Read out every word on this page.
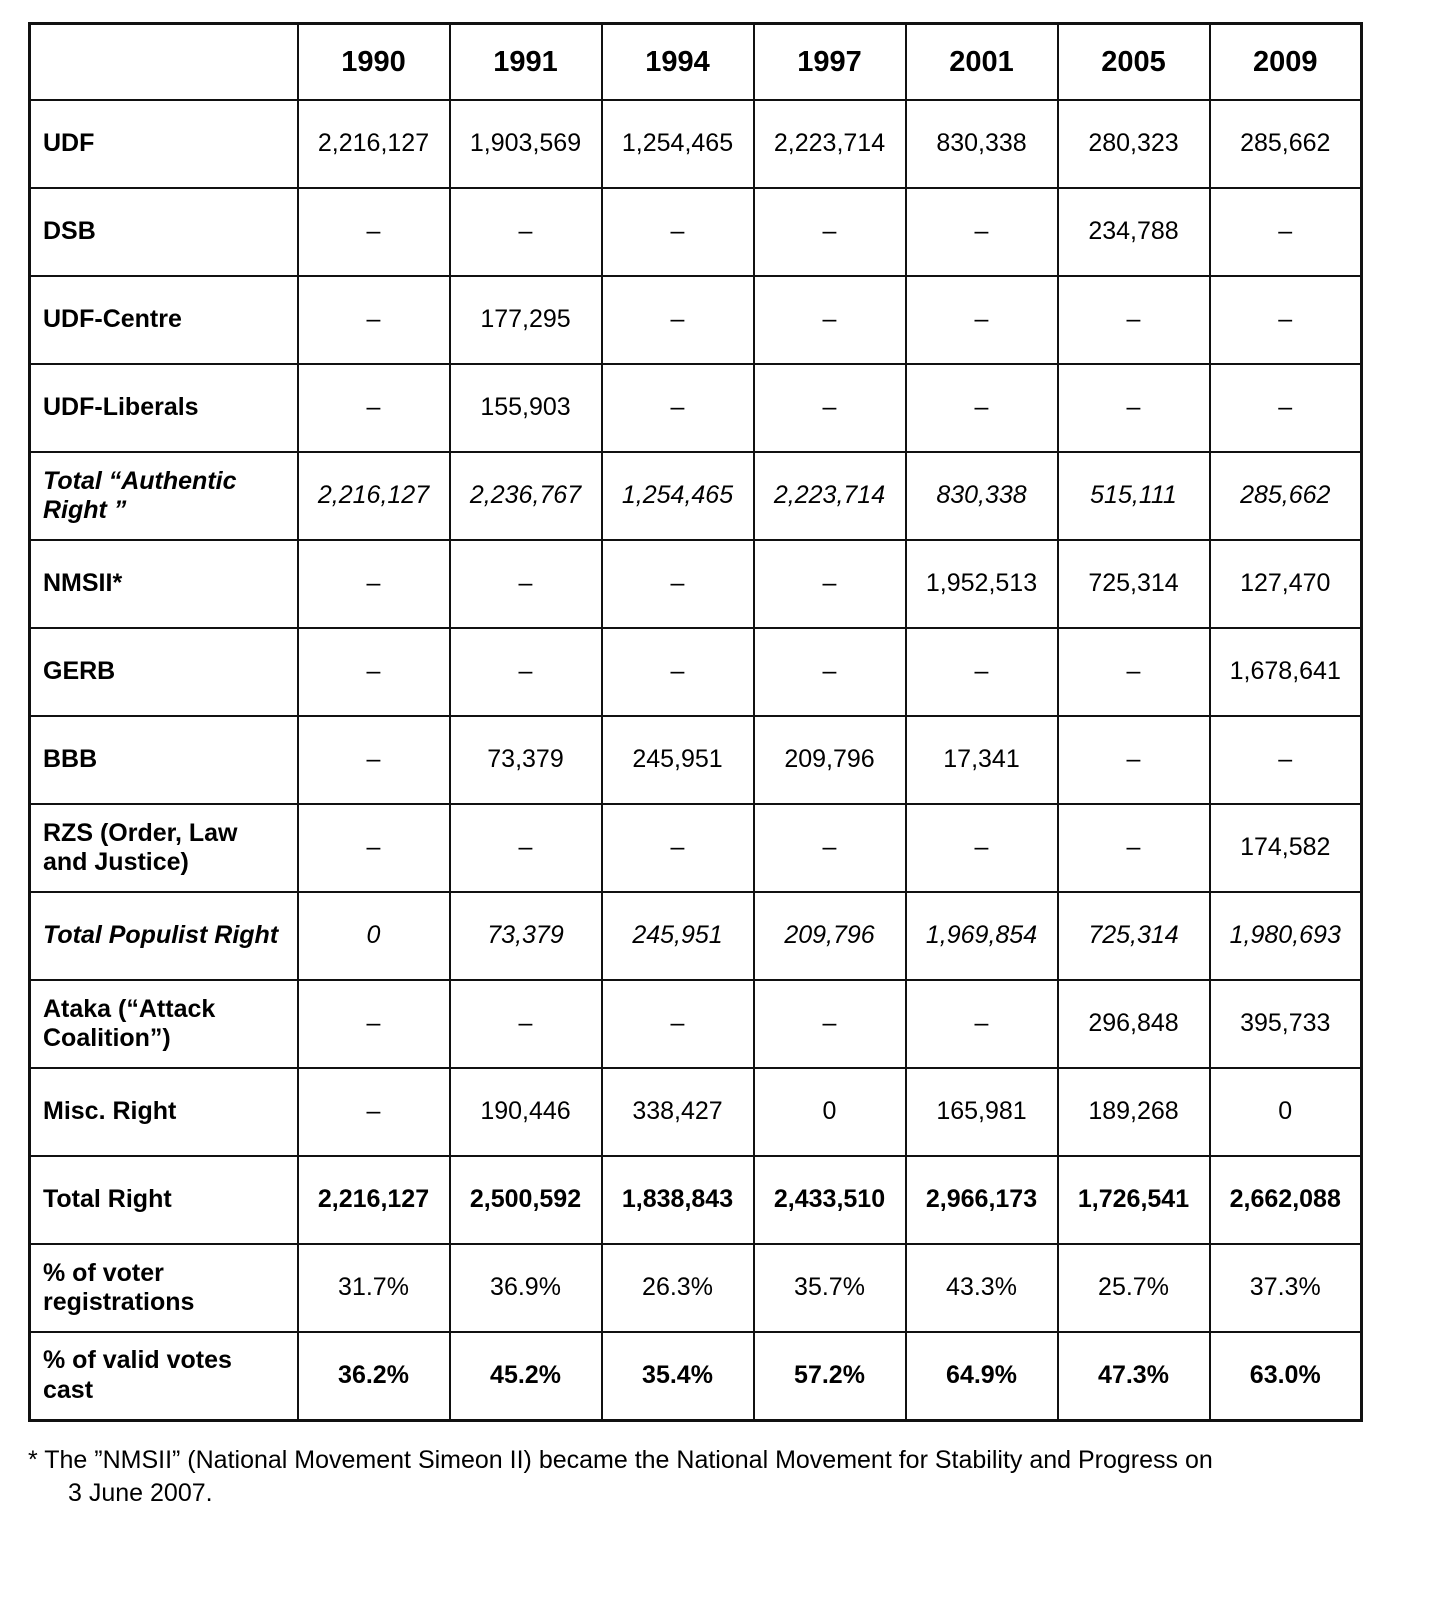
	1990	1991	1994	1997	2001	2005	2009
UDF	2,216,127	1,903,569	1,254,465	2,223,714	830,338	280,323	285,662
DSB	–	–	–	–	–	234,788	–
UDF-Centre	–	177,295	–	–	–	–	–
UDF-Liberals	–	155,903	–	–	–	–	–
Total “Authentic Right ”	2,216,127	2,236,767	1,254,465	2,223,714	830,338	515,111	285,662
NMSII*	–	–	–	–	1,952,513	725,314	127,470
GERB	–	–	–	–	–	–	1,678,641
BBB	–	73,379	245,951	209,796	17,341	–	–
RZS (Order, Law and Justice)	–	–	–	–	–	–	174,582
Total Populist Right	0	73,379	245,951	209,796	1,969,854	725,314	1,980,693
Ataka (“Attack Coalition”)	–	–	–	–	–	296,848	395,733
Misc. Right	–	190,446	338,427	0	165,981	189,268	0
Total Right	2,216,127	2,500,592	1,838,843	2,433,510	2,966,173	1,726,541	2,662,088
% of voter registrations	31.7%	36.9%	26.3%	35.7%	43.3%	25.7%	37.3%
% of valid votes cast	36.2%	45.2%	35.4%	57.2%	64.9%	47.3%	63.0%
* The ”NMSII” (National Movement Simeon II) became the National Movement for Stability and Progress on
3 June 2007.
